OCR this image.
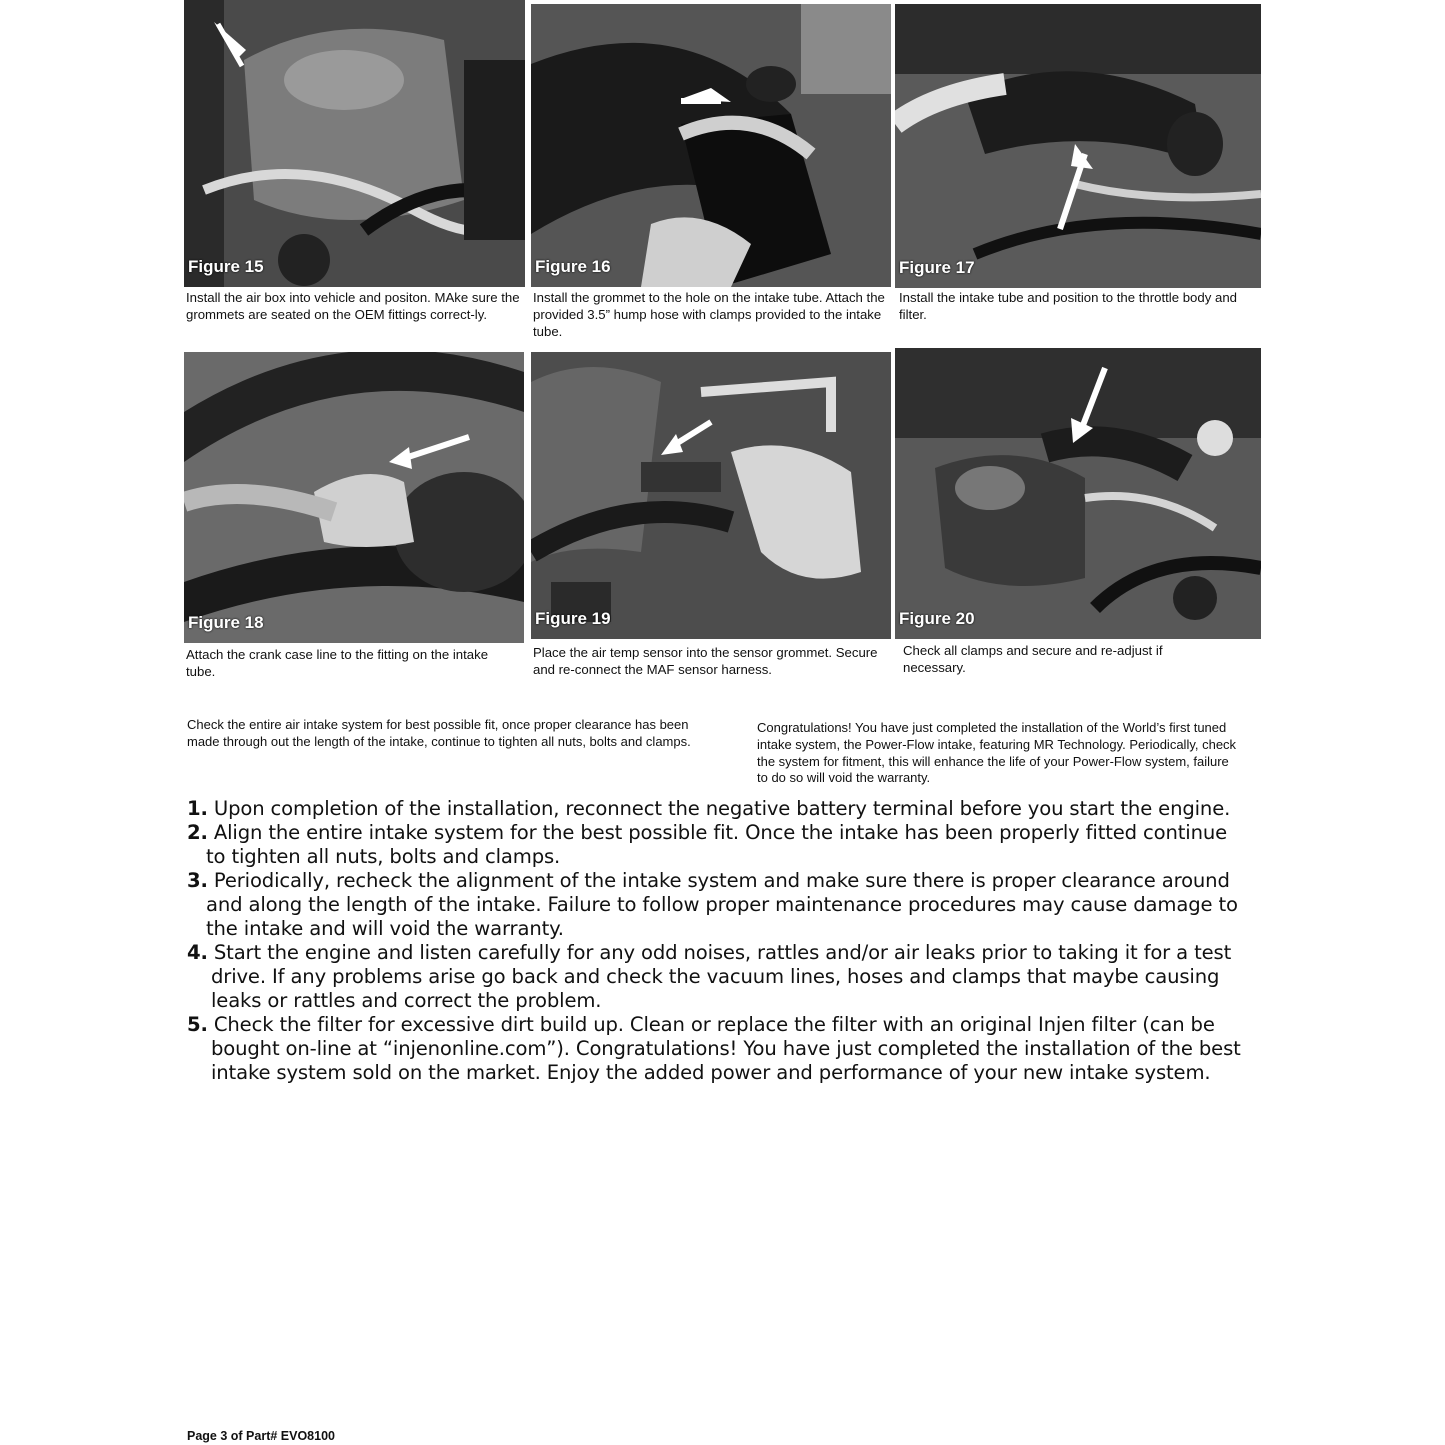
Figure 15
Install the air box into vehicle and positon. MAke sure the grommets are seated on the OEM fittings correct-ly.
Figure 16
Install the grommet to the hole on the intake tube. Attach the provided 3.5” hump hose with clamps provided to the intake tube.
Figure 17
Install the intake tube and position to the throttle body and filter.
Figure 18
Attach the crank case line to the fitting on the intake tube.
Figure 19
Place the air temp sensor into the sensor grommet. Secure and re-connect the MAF sensor harness.
Figure 20
Check all clamps and secure and re-adjust if necessary.
Check the entire air intake system for best possible fit, once proper clearance has been made through out the length of the intake, continue to tighten all nuts, bolts and clamps.
Congratulations! You have just completed the installation of the World’s first tuned intake system, the Power-Flow intake, featuring MR Technology. Periodically, check the system for fitment, this will enhance the life of your Power-Flow system, failure to do so will void the warranty.
1. Upon completion of the installation, reconnect the negative battery terminal before you start the engine.
2. Align the entire intake system for the best possible fit. Once the intake has been properly fitted continue to tighten all nuts, bolts and clamps.
3. Periodically, recheck the alignment of the intake system and make sure there is proper clearance around and along the length of the intake. Failure to follow proper maintenance procedures may cause damage to the intake and will void the warranty.
4. Start the engine and listen carefully for any odd noises, rattles and/or air leaks prior to taking it for a test drive. If any problems arise go back and check the vacuum lines, hoses and clamps that maybe causing leaks or rattles and correct the problem.
5. Check the filter for excessive dirt build up. Clean or replace the filter with an original Injen filter (can be bought on-line at “injenonline.com”). Congratulations! You have just completed the installation of the best intake system sold on the market. Enjoy the added power and performance of your new intake system.
Page 3 of Part# EVO8100
